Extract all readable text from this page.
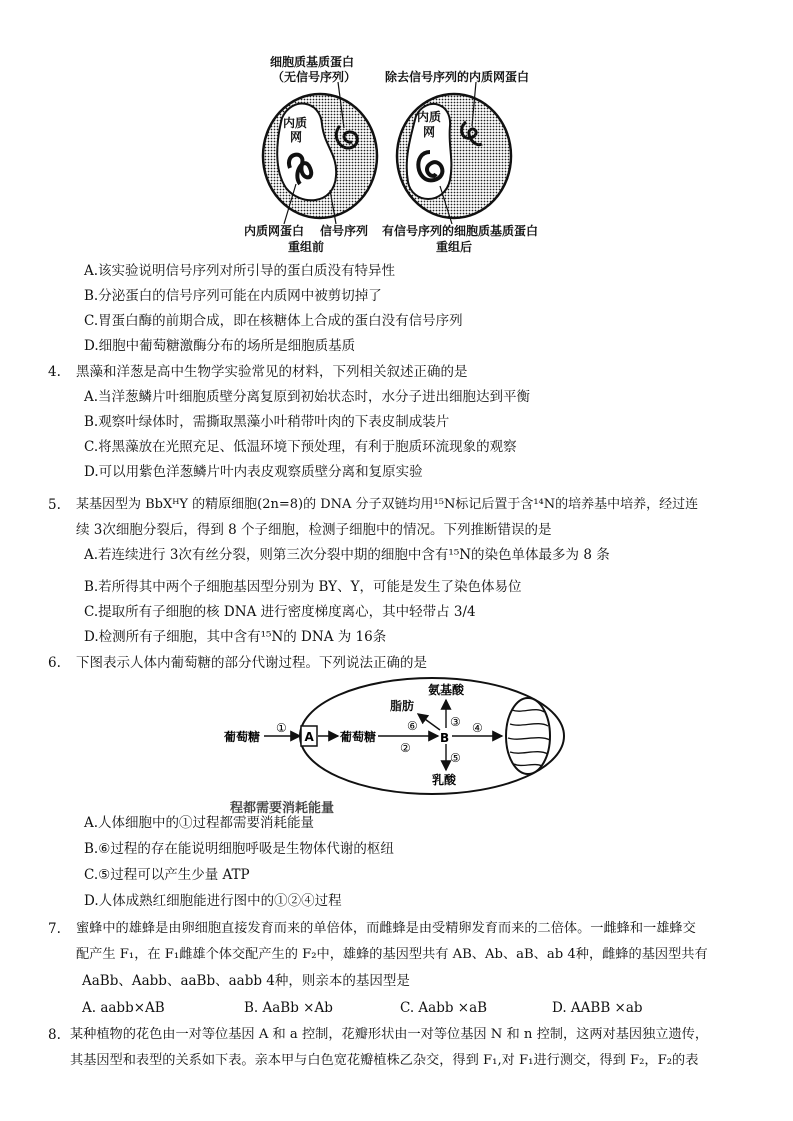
细胞质基质蛋白
（无信号序列） 除去信号序列的内质网蛋白
内质
网
内质
网
内质网蛋白 信号序列
重组前
有信号序列的细胞质基质蛋白
重组后
A.该实验说明信号序列对所引导的蛋白质没有特异性
B.分泌蛋白的信号序列可能在内质网中被剪切掉了
C.胃蛋白酶的前期合成，即在核糖体上合成的蛋白没有信号序列
D.细胞中葡萄糖激酶分布的场所是细胞质基质
4. 黑藻和洋葱是高中生物学实验常见的材料，下列相关叙述正确的是
A.当洋葱鳞片叶细胞质壁分离复原到初始状态时，水分子进出细胞达到平衡
B.观察叶绿体时，需撕取黑藻小叶稍带叶肉的下表皮制成装片
C.将黑藻放在光照充足、低温环境下预处理，有利于胞质环流现象的观察
D.可以用紫色洋葱鳞片叶内表皮观察质壁分离和复原实验
5. 某基因型为 BbXᴴY 的精原细胞(2n=8)的 DNA 分子双链均用¹⁵N标记后置于含¹⁴N的培养基中培养，经过连
续 3次细胞分裂后，得到 8 个子细胞，检测子细胞中的情况。下列推断错误的是
A.若连续进行 3次有丝分裂，则第三次分裂中期的细胞中含有¹⁵N的染色单体最多为 8 条
B.若所得其中两个子细胞基因型分别为 BY、Y，可能是发生了染色体易位
C.提取所有子细胞的核 DNA 进行密度梯度离心，其中轻带占 3/4
D.检测所有子细胞，其中含有¹⁵N的 DNA 为 16条
6. 下图表示人体内葡萄糖的部分代谢过程。下列说法正确的是
A
葡萄糖
①
葡萄糖
②
B
脂肪
氨基酸
⑥	③ ④
⑤
乳酸
程都需要消耗能量
A.人体细胞中的①过程都需要消耗能量
B.⑥过程的存在能说明细胞呼吸是生物体代谢的枢纽
C.⑤过程可以产生少量 ATP
D.人体成熟红细胞能进行图中的①②④过程
7. 蜜蜂中的雄蜂是由卵细胞直接发育而来的单倍体，而雌蜂是由受精卵发育而来的二倍体。一雌蜂和一雄蜂交
配产生 F₁，在 F₁雌雄个体交配产生的 F₂中，雄蜂的基因型共有 AB、Ab、aB、ab 4种，雌蜂的基因型共有
AaBb、Aabb、aaBb、aabb 4种，则亲本的基因型是
A. aabb×AB	B. AaBb ×Ab	C. Aabb ×aB	D. AABB ×ab
8. 某种植物的花色由一对等位基因 A 和 a 控制，花瓣形状由一对等位基因 N 和 n 控制，这两对基因独立遗传，
其基因型和表型的关系如下表。亲本甲与白色宽花瓣植株乙杂交，得到 F₁,对 F₁进行测交，得到 F₂，F₂的表
